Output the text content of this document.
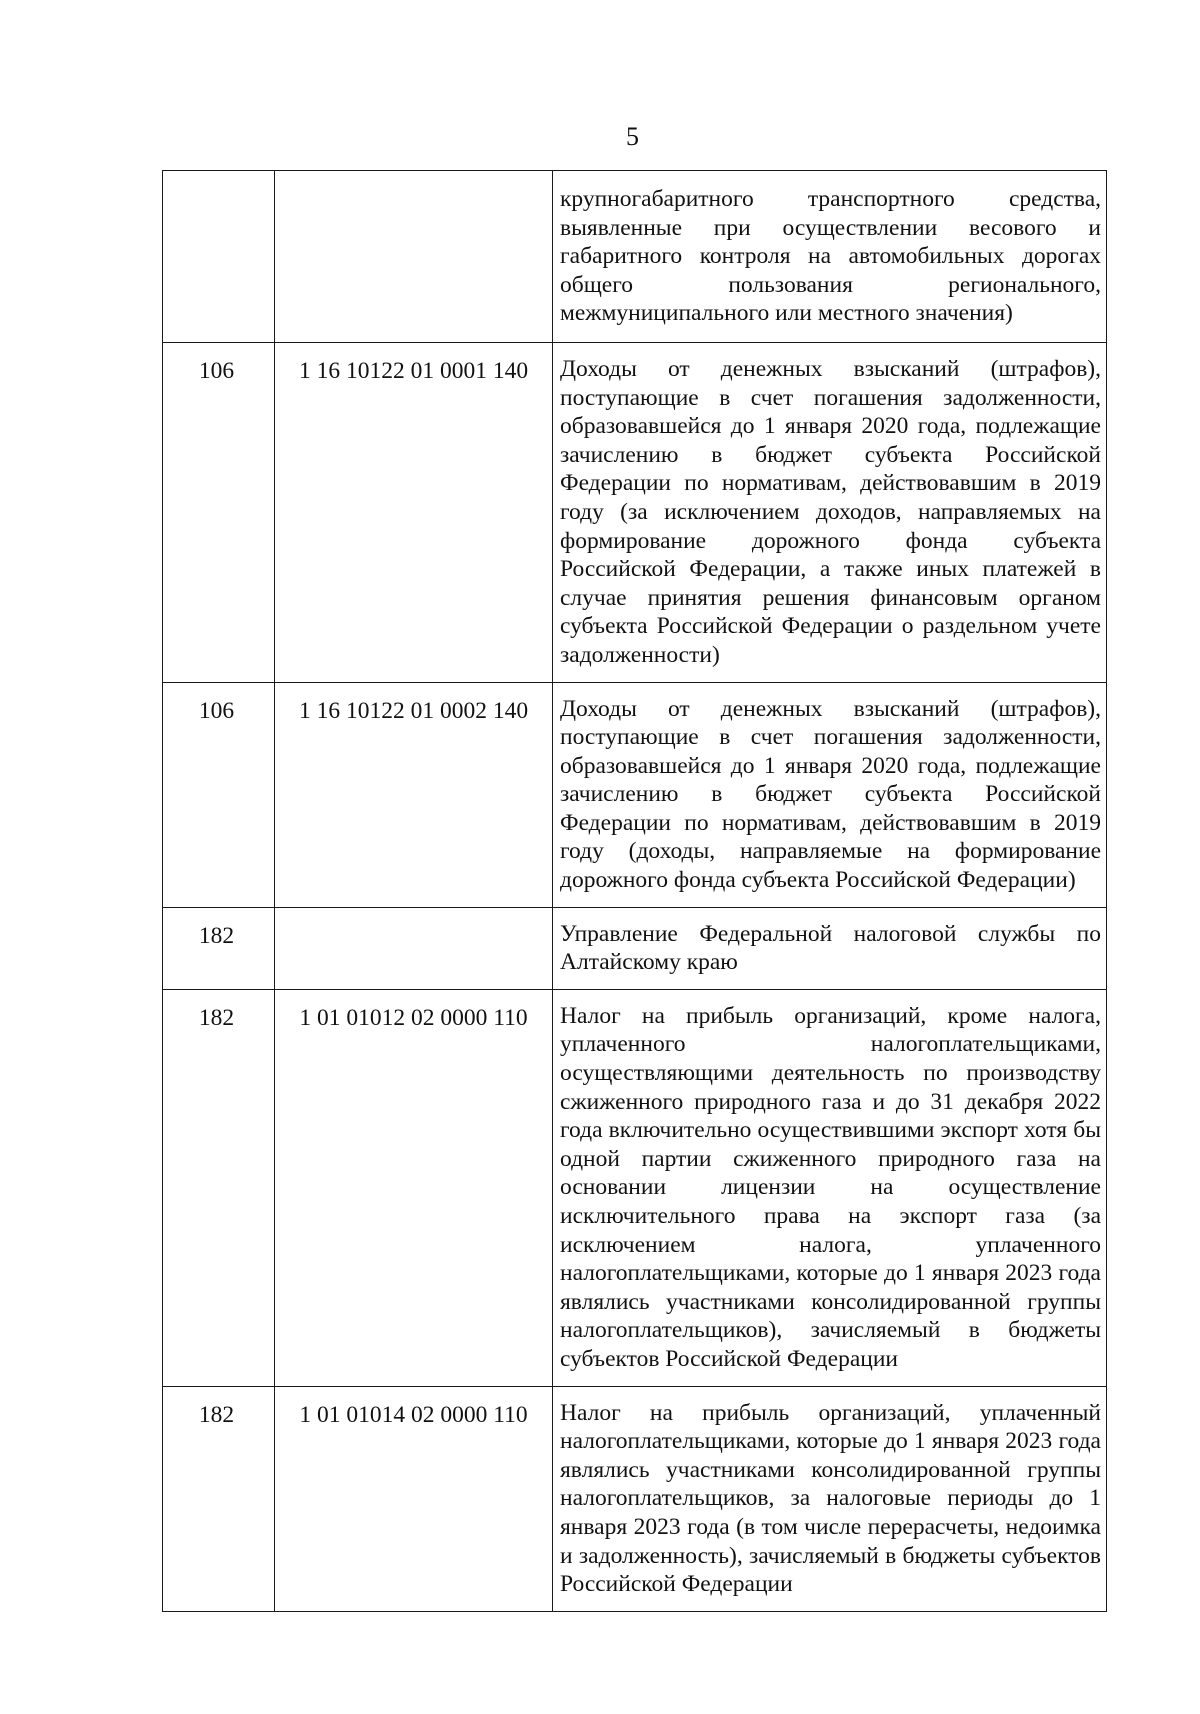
5
		крупногабаритного транспортного средства, выявленные при осуществлении весового и габаритного контроля на автомобильных дорогах общего пользования регионального, межмуниципального или местного значения)
106	1 16 10122 01 0001 140	Доходы от денежных взысканий (штрафов), поступающие в счет погашения задолженности, образовавшейся до 1 января 2020 года, подлежащие зачислению в бюджет субъекта Российской Федерации по нормативам, действовавшим в 2019 году (за исключением доходов, направляемых на формирование дорожного фонда субъекта Российской Федерации, а также иных платежей в случае принятия решения финансовым органом субъекта Российской Федерации о раздельном учете задолженности)
106	1 16 10122 01 0002 140	Доходы от денежных взысканий (штрафов), поступающие в счет погашения задолженности, образовавшейся до 1 января 2020 года, подлежащие зачислению в бюджет субъекта Российской Федерации по нормативам, действовавшим в 2019 году (доходы, направляемые на формирование дорожного фонда субъекта Российской Федерации)
182		Управление Федеральной налоговой службы по Алтайскому краю
182	1 01 01012 02 0000 110	Налог на прибыль организаций, кроме налога, уплаченного налогоплательщиками, осуществляющими деятельность по производству сжиженного природного газа и до 31 декабря 2022 года включительно осуществившими экспорт хотя бы одной партии сжиженного природного газа на основании лицензии на осуществление исключительного права на экспорт газа (за исключением налога, уплаченного налогоплательщиками, которые до 1 января 2023 года являлись участниками консолидированной группы налогоплательщиков), зачисляемый в бюджеты субъектов Российской Федерации
182	1 01 01014 02 0000 110	Налог на прибыль организаций, уплаченный налогоплательщиками, которые до 1 января 2023 года являлись участниками консолидированной группы налогоплательщиков, за налоговые периоды до 1 января 2023 года (в том числе перерасчеты, недоимка и задолженность), зачисляемый в бюджеты субъектов Российской Федерации
